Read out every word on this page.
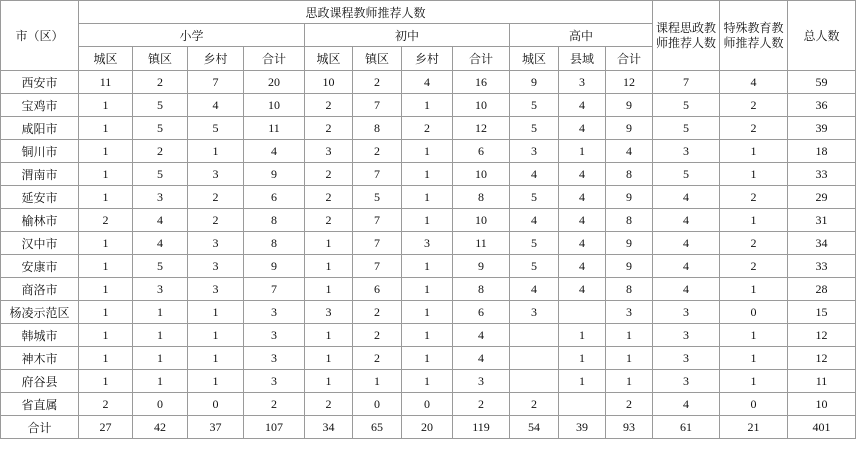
市（区）	思政课程教师推荐人数											课程思政教师推荐人数	特殊教育教师推荐人数	总人数
	小学				初中				高中					
	城区	镇区	乡村	合计	城区	镇区	乡村	合计	城区	县域	合计			
西安市	11	2	7	20	10	2	4	16	9	3	12	7	4	59
宝鸡市	1	5	4	10	2	7	1	10	5	4	9	5	2	36
咸阳市	1	5	5	11	2	8	2	12	5	4	9	5	2	39
铜川市	1	2	1	4	3	2	1	6	3	1	4	3	1	18
渭南市	1	5	3	9	2	7	1	10	4	4	8	5	1	33
延安市	1	3	2	6	2	5	1	8	5	4	9	4	2	29
榆林市	2	4	2	8	2	7	1	10	4	4	8	4	1	31
汉中市	1	4	3	8	1	7	3	11	5	4	9	4	2	34
安康市	1	5	3	9	1	7	1	9	5	4	9	4	2	33
商洛市	1	3	3	7	1	6	1	8	4	4	8	4	1	28
杨凌示范区	1	1	1	3	3	2	1	6	3		3	3	0	15
韩城市	1	1	1	3	1	2	1	4		1	1	3	1	12
神木市	1	1	1	3	1	2	1	4		1	1	3	1	12
府谷县	1	1	1	3	1	1	1	3		1	1	3	1	11
省直属	2	0	0	2	2	0	0	2	2		2	4	0	10
合计	27	42	37	107	34	65	20	119	54	39	93	61	21	401
